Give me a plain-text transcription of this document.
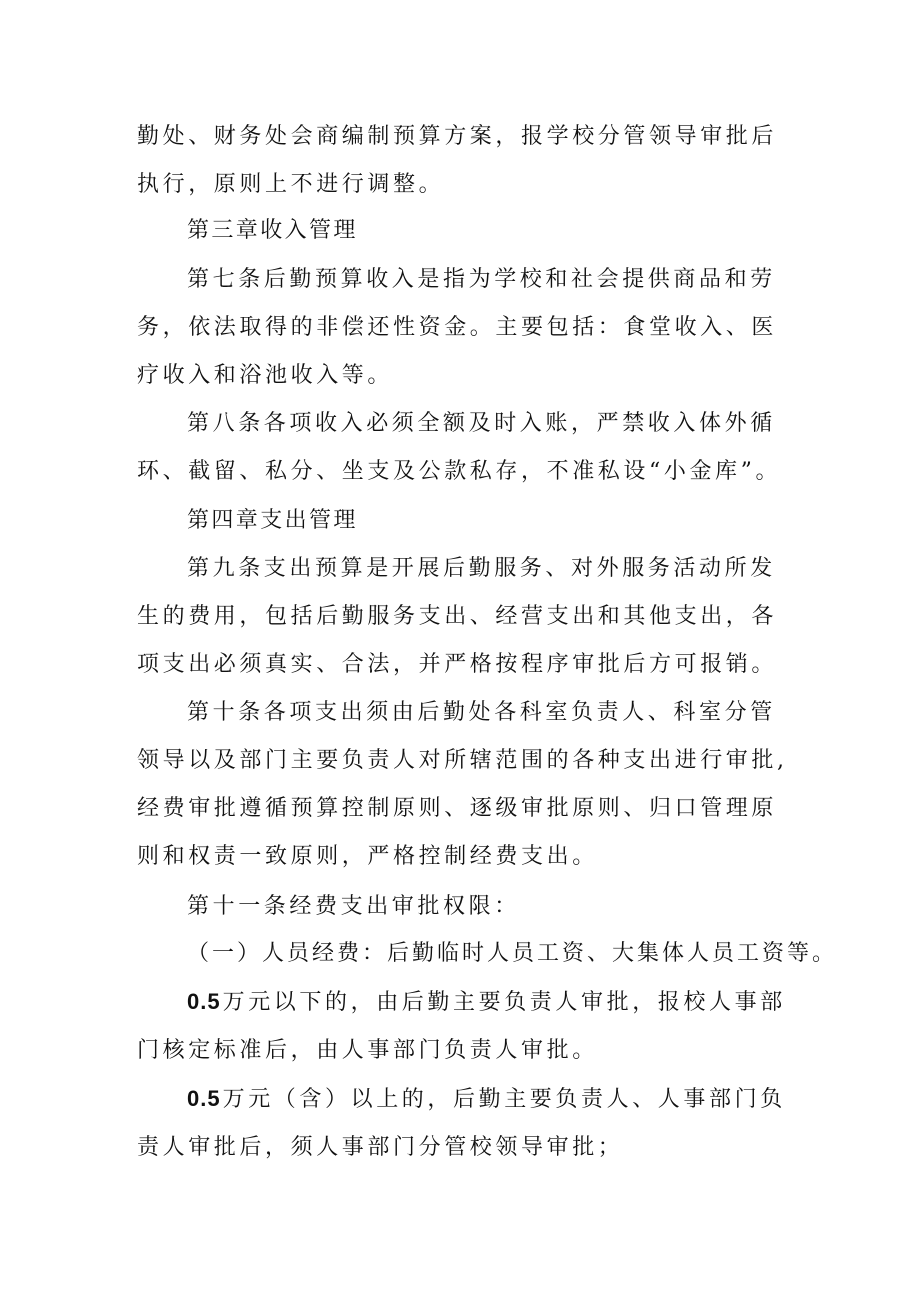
勤处、财务处会商编制预算方案，报学校分管领导审批后执行，原则上不进行调整。

第三章收入管理

第七条后勤预算收入是指为学校和社会提供商品和劳务，依法取得的非偿还性资金。主要包括：食堂收入、医疗收入和浴池收入等。

第八条各项收入必须全额及时入账，严禁收入体外循环、截留、私分、坐支及公款私存，不准私设“小金库”。

第四章支出管理

第九条支出预算是开展后勤服务、对外服务活动所发生的费用，包括后勤服务支出、经营支出和其他支出，各项支出必须真实、合法，并严格按程序审批后方可报销。

第十条各项支出须由后勤处各科室负责人、科室分管领导以及部门主要负责人对所辖范围的各种支出进行审批,经费审批遵循预算控制原则、逐级审批原则、归口管理原则和权责一致原则，严格控制经费支出。

第十一条经费支出审批权限：

（一）人员经费：后勤临时人员工资、大集体人员工资等。

0.5万元以下的，由后勤主要负责人审批，报校人事部门核定标准后，由人事部门负责人审批。

0.5万元（含）以上的，后勤主要负责人、人事部门负责人审批后，须人事部门分管校领导审批；
